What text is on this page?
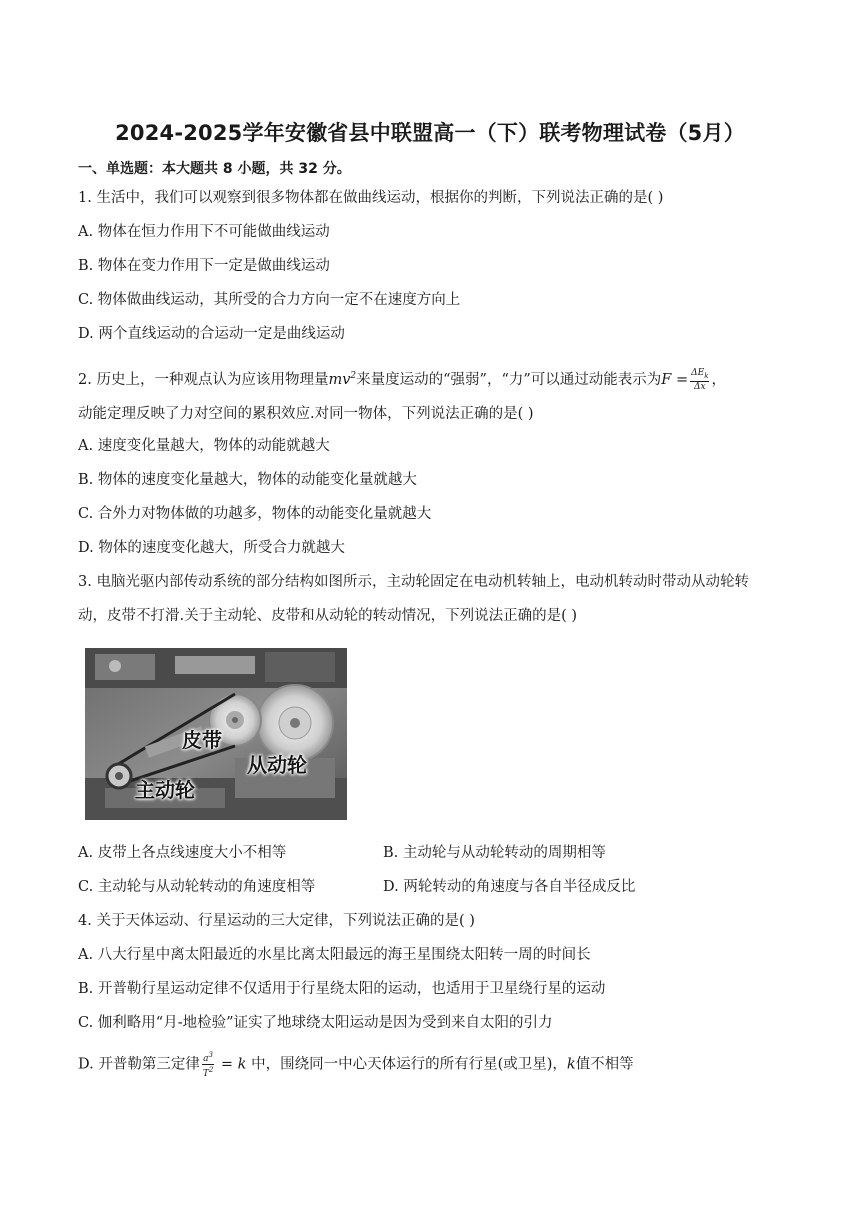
2024-2025学年安徽省县中联盟高一（下）联考物理试卷（5月）
一、单选题：本大题共 8 小题，共 32 分。
1. 生活中，我们可以观察到很多物体都在做曲线运动，根据你的判断，下列说法正确的是( )
A. 物体在恒力作用下不可能做曲线运动
B. 物体在变力作用下一定是做曲线运动
C. 物体做曲线运动，其所受的合力方向一定不在速度方向上
D. 两个直线运动的合运动一定是曲线运动
2. 历史上，一种观点认为应该用物理量$mv^2$来量度运动的“强弱”，“力”可以通过动能表示为$F = \frac{\Delta E_k}{\Delta x}$ ，
动能定理反映了力对空间的累积效应.对同一物体，下列说法正确的是( )
A. 速度变化量越大，物体的动能就越大
B. 物体的速度变化量越大，物体的动能变化量就越大
C. 合外力对物体做的功越多，物体的动能变化量就越大
D. 物体的速度变化越大，所受合力就越大
3. 电脑光驱内部传动系统的部分结构如图所示，主动轮固定在电动机转轴上，电动机转动时带动从动轮转
动，皮带不打滑.关于主动轮、皮带和从动轮的转动情况，下列说法正确的是( )
皮带
从动轮
主动轮
A. 皮带上各点线速度大小不相等	B. 主动轮与从动轮转动的周期相等
C. 主动轮与从动轮转动的角速度相等	D. 两轮转动的角速度与各自半径成反比
4. 关于天体运动、行星运动的三大定律，下列说法正确的是( )
A. 八大行星中离太阳最近的水星比离太阳最远的海王星围绕太阳转一周的时间长
B. 开普勒行星运动定律不仅适用于行星绕太阳的运动，也适用于卫星绕行星的运动
C. 伽利略用“月-地检验”证实了地球绕太阳运动是因为受到来自太阳的引力
D. 开普勒第三定律 $\frac{a^3}{T^2} = k$ 中，围绕同一中心天体运行的所有行星(或卫星)，k值不相等
